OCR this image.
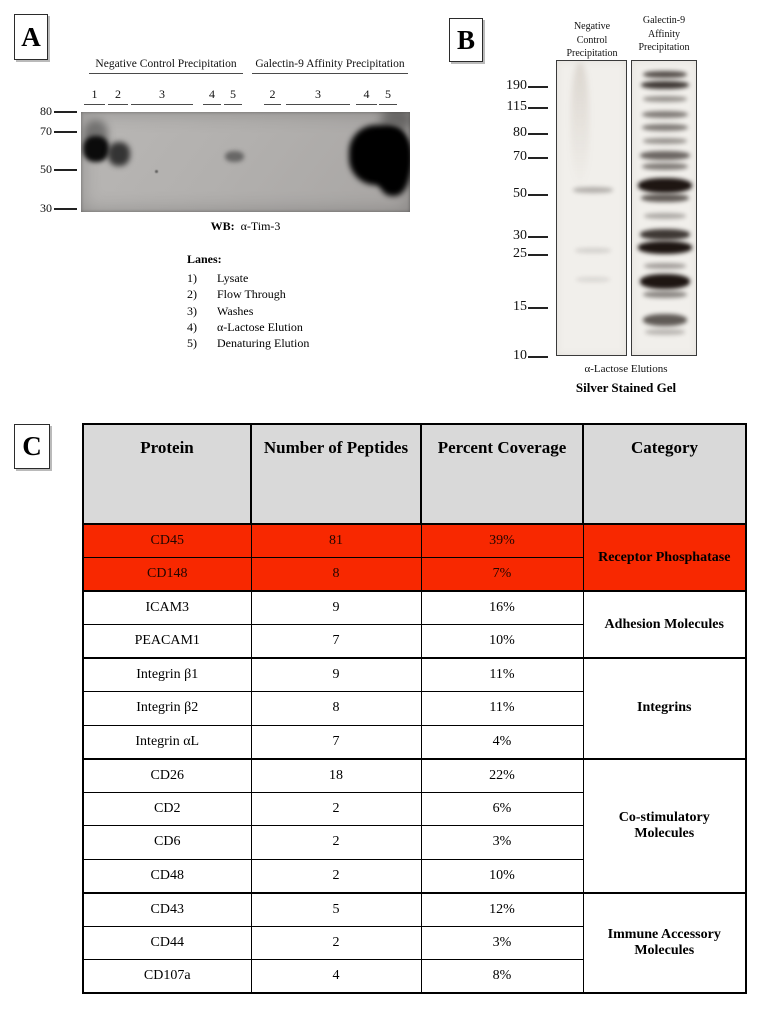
A
Negative Control Precipitation	Galectin-9 Affinity Precipitation
1	2	3	4	5	2	3	4	5
80
70
50
30
WB: α-Tim-3
Lanes:
1)	Lysate
2)	Flow Through
3)	Washes
4)	α-Lactose Elution
5)	Denaturing Elution
B	Negative
Control
Precipitation
Galectin-9
Affinity
Precipitation
190
115
80
70
50
30
25
15
10
α-Lactose Elutions
Silver Stained Gel
C	Protein	Number of Peptides	Percent Coverage	Category
CD45	81	39%	Receptor Phosphatase
CD148	8	7%	
ICAM3	9	16%	Adhesion Molecules
PEACAM1	7	10%	
Integrin β1	9	11%	Integrins
Integrin β2	8	11%	
Integrin αL	7	4%	
CD26	18	22%	Co-stimulatory Molecules
CD2	2	6%	
CD6	2	3%	
CD48	2	10%	
CD43	5	12%	Immune Accessory Molecules
CD44	2	3%	
CD107a	4	8%	
